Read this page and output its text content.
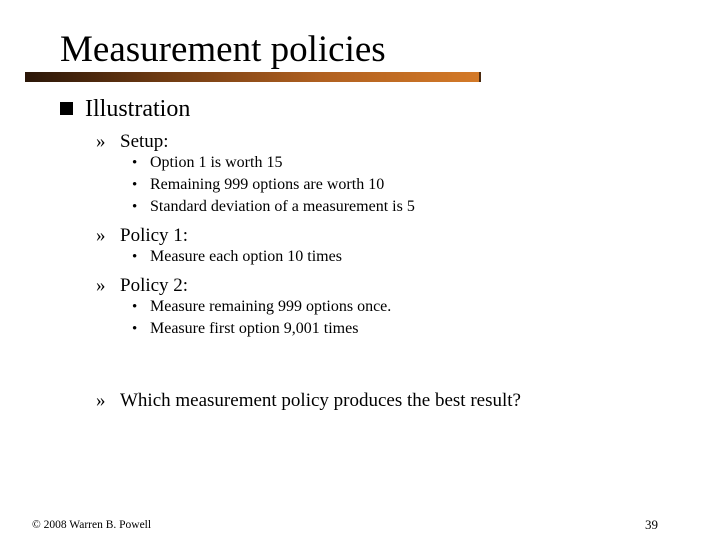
Measurement policies
Illustration
» Setup:
• Option 1 is worth 15
• Remaining 999 options are worth 10
• Standard deviation of a measurement is 5
» Policy 1:
• Measure each option 10 times
» Policy 2:
• Measure remaining 999 options once.
• Measure first option 9,001 times
» Which measurement policy produces the best result?
© 2008 Warren B. Powell	39
